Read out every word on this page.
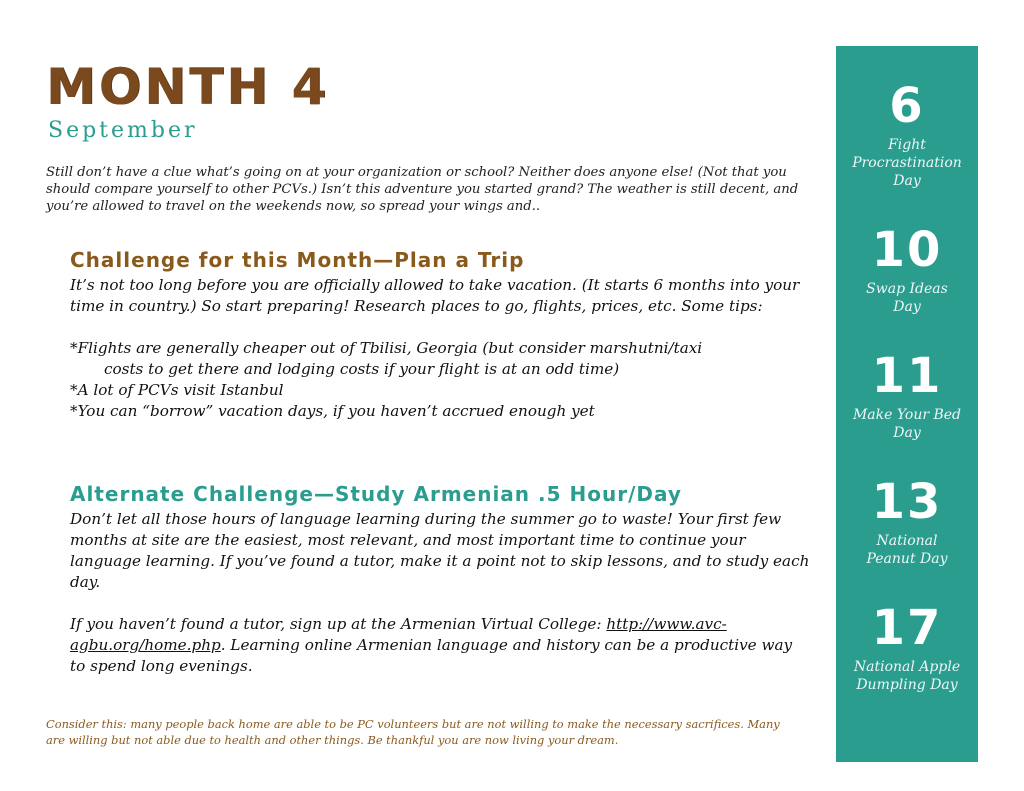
MONTH 4
September
Still don’t have a clue what’s going on at your organization or school? Neither does anyone else! (Not that you should compare yourself to other PCVs.) Isn’t this adventure you started grand? The weather is still decent, and you’re allowed to travel on the weekends now, so spread your wings and..
Challenge for this Month—Plan a Trip

It’s not too long before you are officially allowed to take vacation. (It starts 6 months into your time in country.) So start preparing! Research places to go, flights, prices, etc. Some tips:

*Flights are generally cheaper out of Tbilisi, Georgia (but consider marshutni/taxi
costs to get there and lodging costs if your flight is at an odd time)

*A lot of PCVs visit Istanbul

*You can “borrow” vacation days, if you haven’t accrued enough yet

Alternate Challenge—Study Armenian .5 Hour/Day

Don’t let all those hours of language learning during the summer go to waste! Your first few months at site are the easiest, most relevant, and most important time to continue your language learning. If you’ve found a tutor, make it a point not to skip lessons, and to study each day.

If you haven’t found a tutor, sign up at the Armenian Virtual College: http://www.avc-agbu.org/home.php. Learning online Armenian language and history can be a productive way to spend long evenings.

Consider this: many people back home are able to be PC volunteers but are not willing to make the necessary sacrifices. Many are willing but not able due to health and other things. Be thankful you are now living your dream.
6
Fight Procrastination Day
10
Swap Ideas Day
11
Make Your Bed Day
13
National Peanut Day
17
National Apple Dumpling Day
